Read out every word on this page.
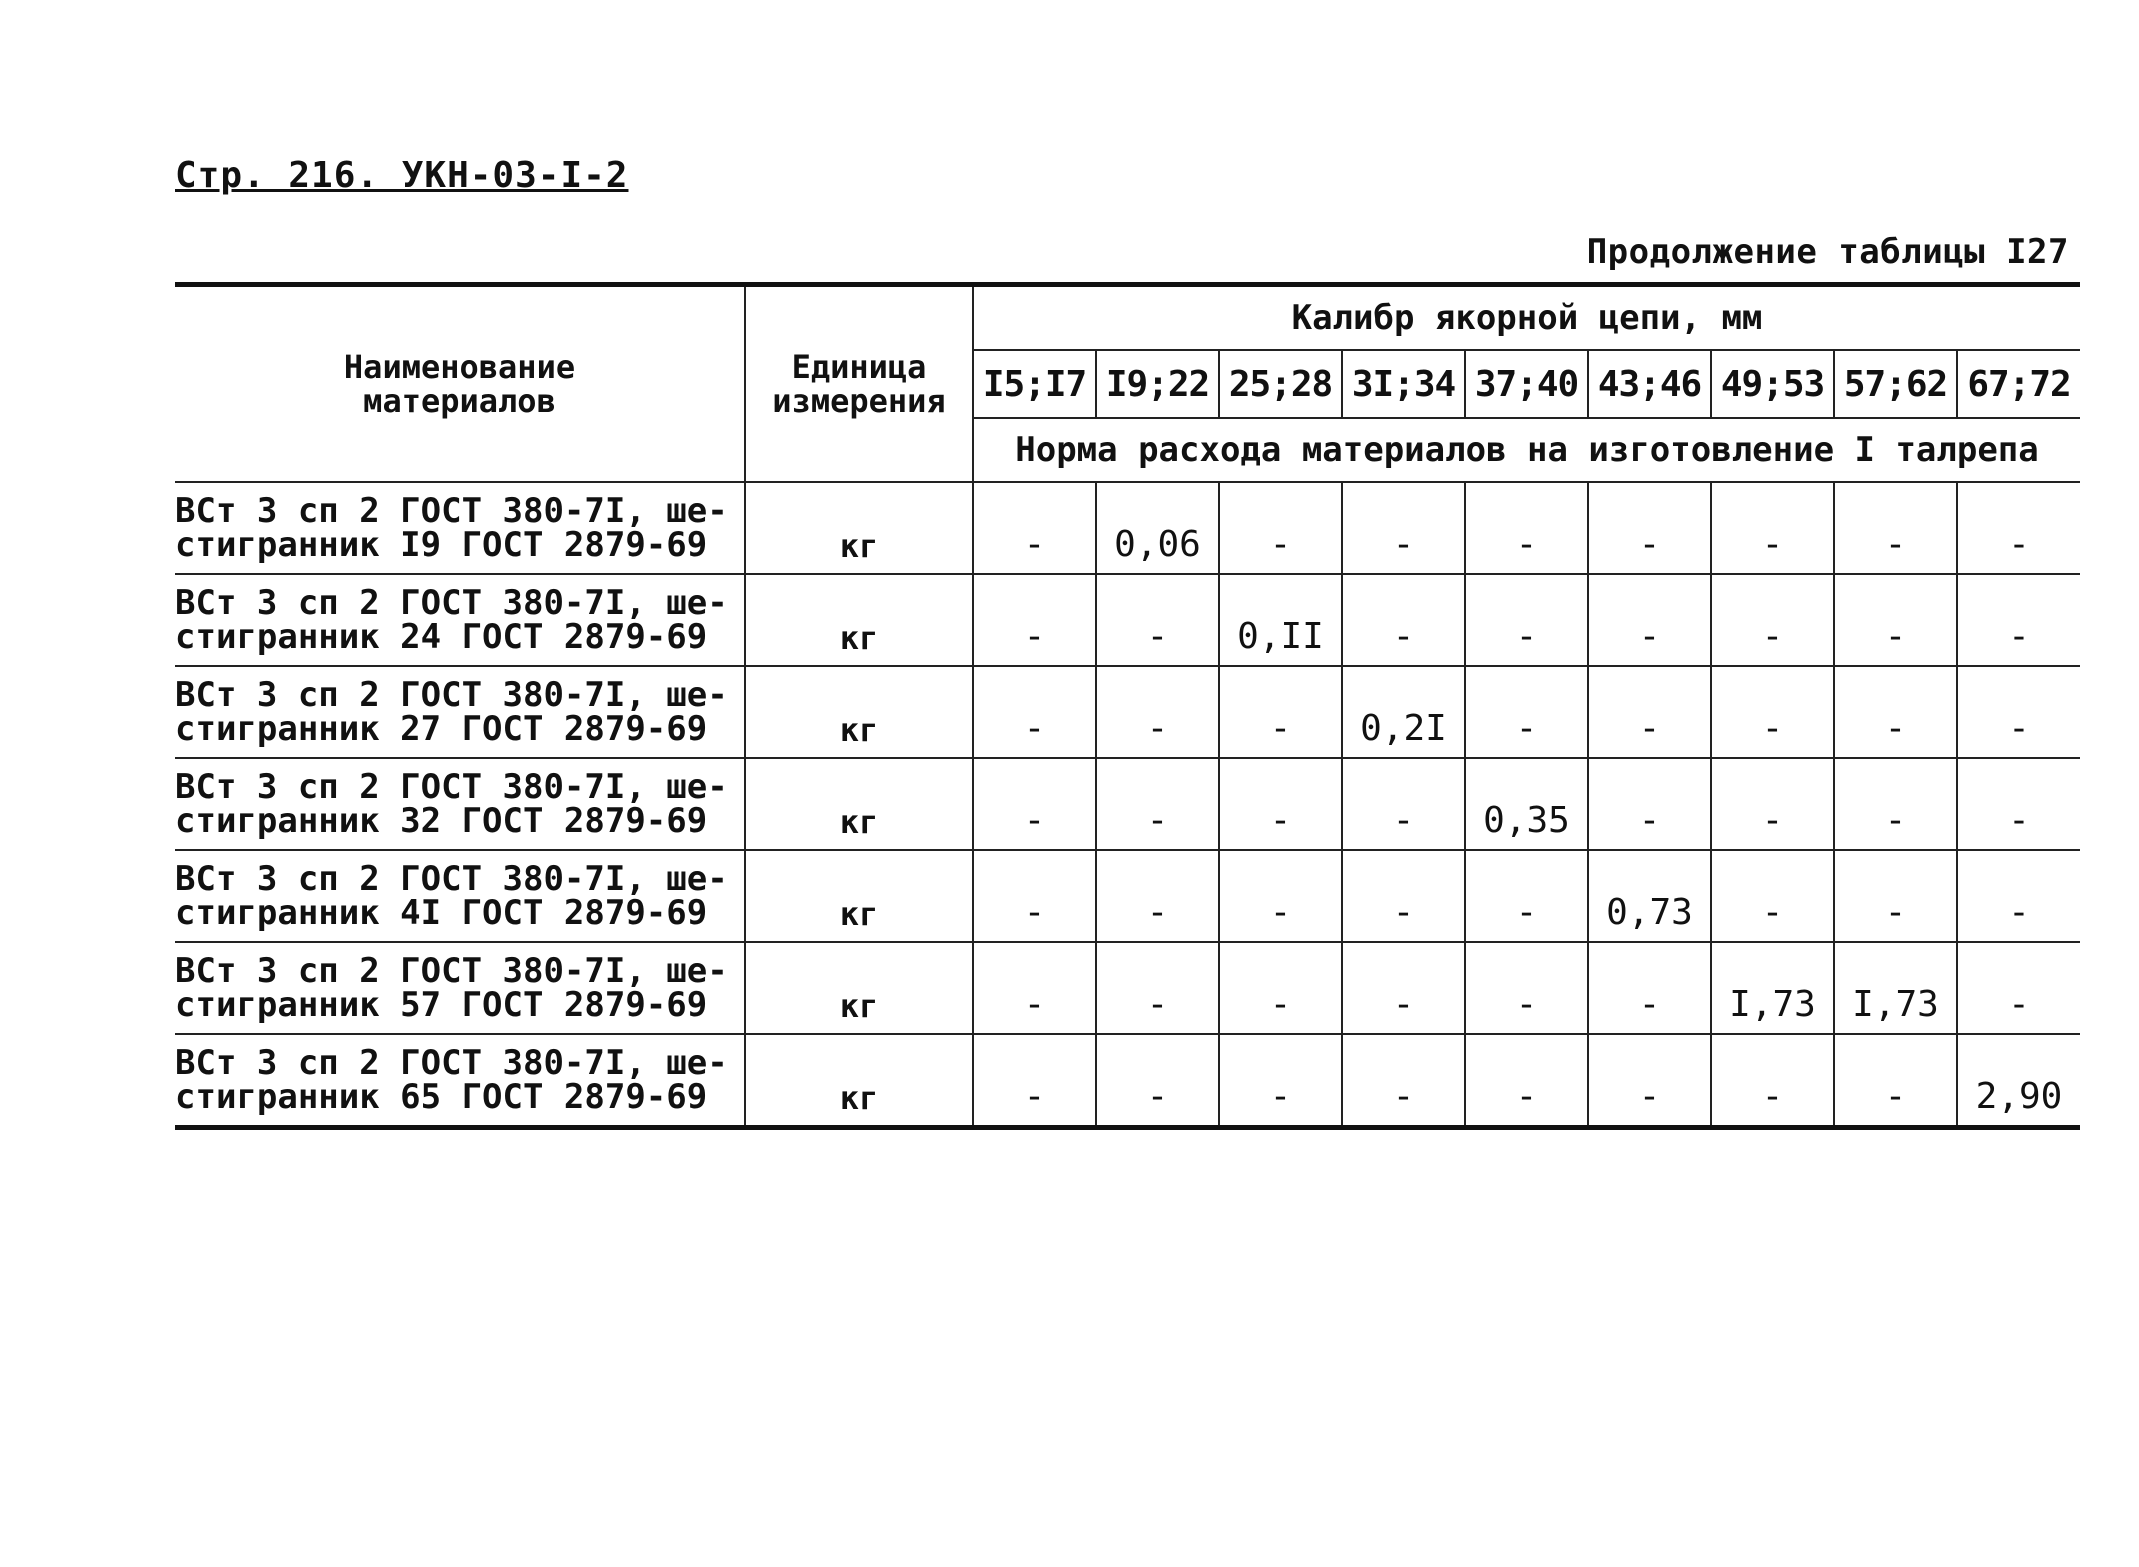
Стр. 216. УКН-03-I-2
Продолжение таблицы I27
Наименование
материалов	Единица
измерения	Калибр якорной цепи, мм								
		I5;I7	I9;22	25;28	3I;34	37;40	43;46	49;53	57;62	67;72
		Норма расхода материалов на изготовление I талрепа								

ВСт 3 сп 2 ГОСТ 380-7I, ше-
стигранник I9 ГОСТ 2879-69	кг	-	0,06	-	-	-	-	-	-	-

ВСт 3 сп 2 ГОСТ 380-7I, ше-
стигранник 24 ГОСТ 2879-69	кг	-	-	0,II	-	-	-	-	-	-

ВСт 3 сп 2 ГОСТ 380-7I, ше-
стигранник 27 ГОСТ 2879-69	кг	-	-	-	0,2I	-	-	-	-	-

ВСт 3 сп 2 ГОСТ 380-7I, ше-
стигранник 32 ГОСТ 2879-69	кг	-	-	-	-	0,35	-	-	-	-

ВСт 3 сп 2 ГОСТ 380-7I, ше-
стигранник 4I ГОСТ 2879-69	кг	-	-	-	-	-	0,73	-	-	-

ВСт 3 сп 2 ГОСТ 380-7I, ше-
стигранник 57 ГОСТ 2879-69	кг	-	-	-	-	-	-	I,73	I,73	-

ВСт 3 сп 2 ГОСТ 380-7I, ше-
стигранник 65 ГОСТ 2879-69	кг	-	-	-	-	-	-	-	-	2,90
